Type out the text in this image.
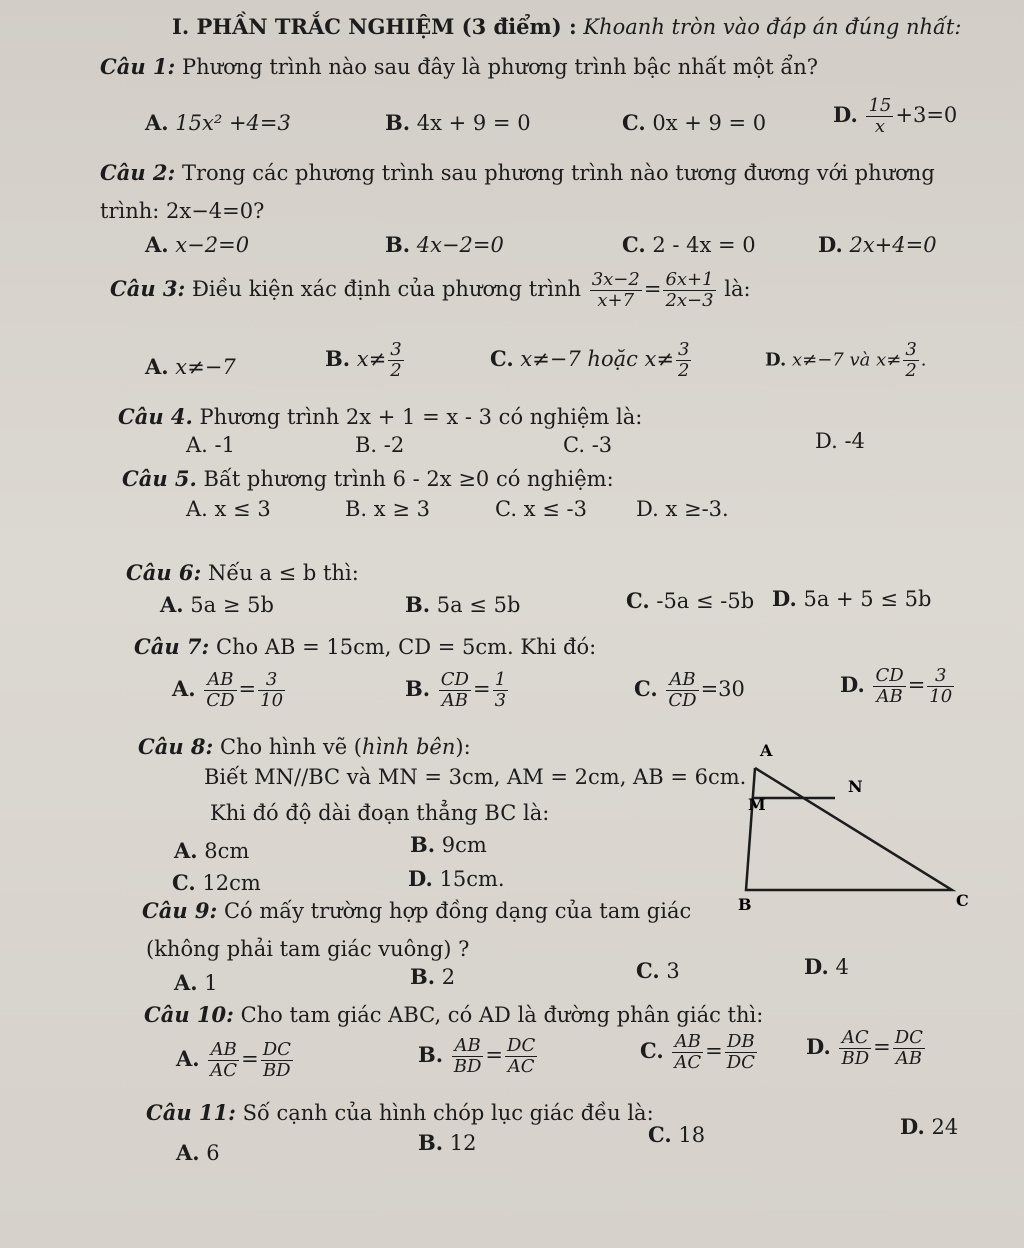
I. PHẦN TRẮC NGHIỆM (3 điểm) : Khoanh tròn vào đáp án đúng nhất:
Câu 1: Phương trình nào sau đây là phương trình bậc nhất một ẩn?
A. 15x² +4=3	B. 4x + 9 = 0	C. 0x + 9 = 0	D. $\frac{15}{x} +3=0$
Câu 2: Trong các phương trình sau phương trình nào tương đương với phương
trình: 2x−4=0?
A. x−2=0	B. 4x−2=0	C. 2 - 4x = 0	D. 2x+4=0
Câu 3: Điều kiện xác định của phương trình $\frac{3x-2}{x+7} = \frac{6x+1}{2x-3}$ là:
A. x≠−7	B. $x\ne \frac{3}{2}$	C. x≠−7 hoặc $x\ne \frac{3}{2}$	D. x≠−7 và $x\ne \frac{3}{2}$ .
Câu 4. Phương trình 2x + 1 = x - 3 có nghiệm là:
A. -1	B. -2	C. -3	D. -4
Câu 5. Bất phương trình 6 - 2x ≥0 có nghiệm:
A. x ≤ 3	B. x ≥ 3	C. x ≤ -3 D. x ≥-3.
Câu 6: Nếu a ≤ b thì:
A. 5a ≥ 5b	B. 5a ≤ 5b	C. -5a ≤ -5b D. 5a + 5 ≤ 5b
Câu 7: Cho AB = 15cm, CD = 5cm. Khi đó:
A. $\frac{AB}{CD} = \frac{3}{10}$	B. $\frac{CD}{AB} = \frac{1}{3}$	C. $\frac{AB}{CD} =30$	D. $\frac{CD}{AB} = \frac{3}{10}$
Câu 8: Cho hình vẽ (hình bên):
Biết MN//BC và MN = 3cm, AM = 2cm, AB = 6cm.
Khi đó độ dài đoạn thẳng BC là:
A. 8cm	B. 9cm
C. 12cm	D. 15cm.
A
M
N
B	C
Câu 9: Có mấy trường hợp đồng dạng của tam giác
(không phải tam giác vuông) ?
A. 1	B. 2	C. 3	D. 4
Câu 10: Cho tam giác ABC, có AD là đường phân giác thì:
A. $\frac{AB}{AC} = \frac{DC}{BD}$	B. $\frac{AB}{BD} = \frac{DC}{AC}$	C. $\frac{AB}{AC} = \frac{DB}{DC} D$. $\frac{AC}{BD} = \frac{DC}{AB}$
Câu 11: Số cạnh của hình chóp lục giác đều là:
A. 6	B. 12	C. 18	D. 24
